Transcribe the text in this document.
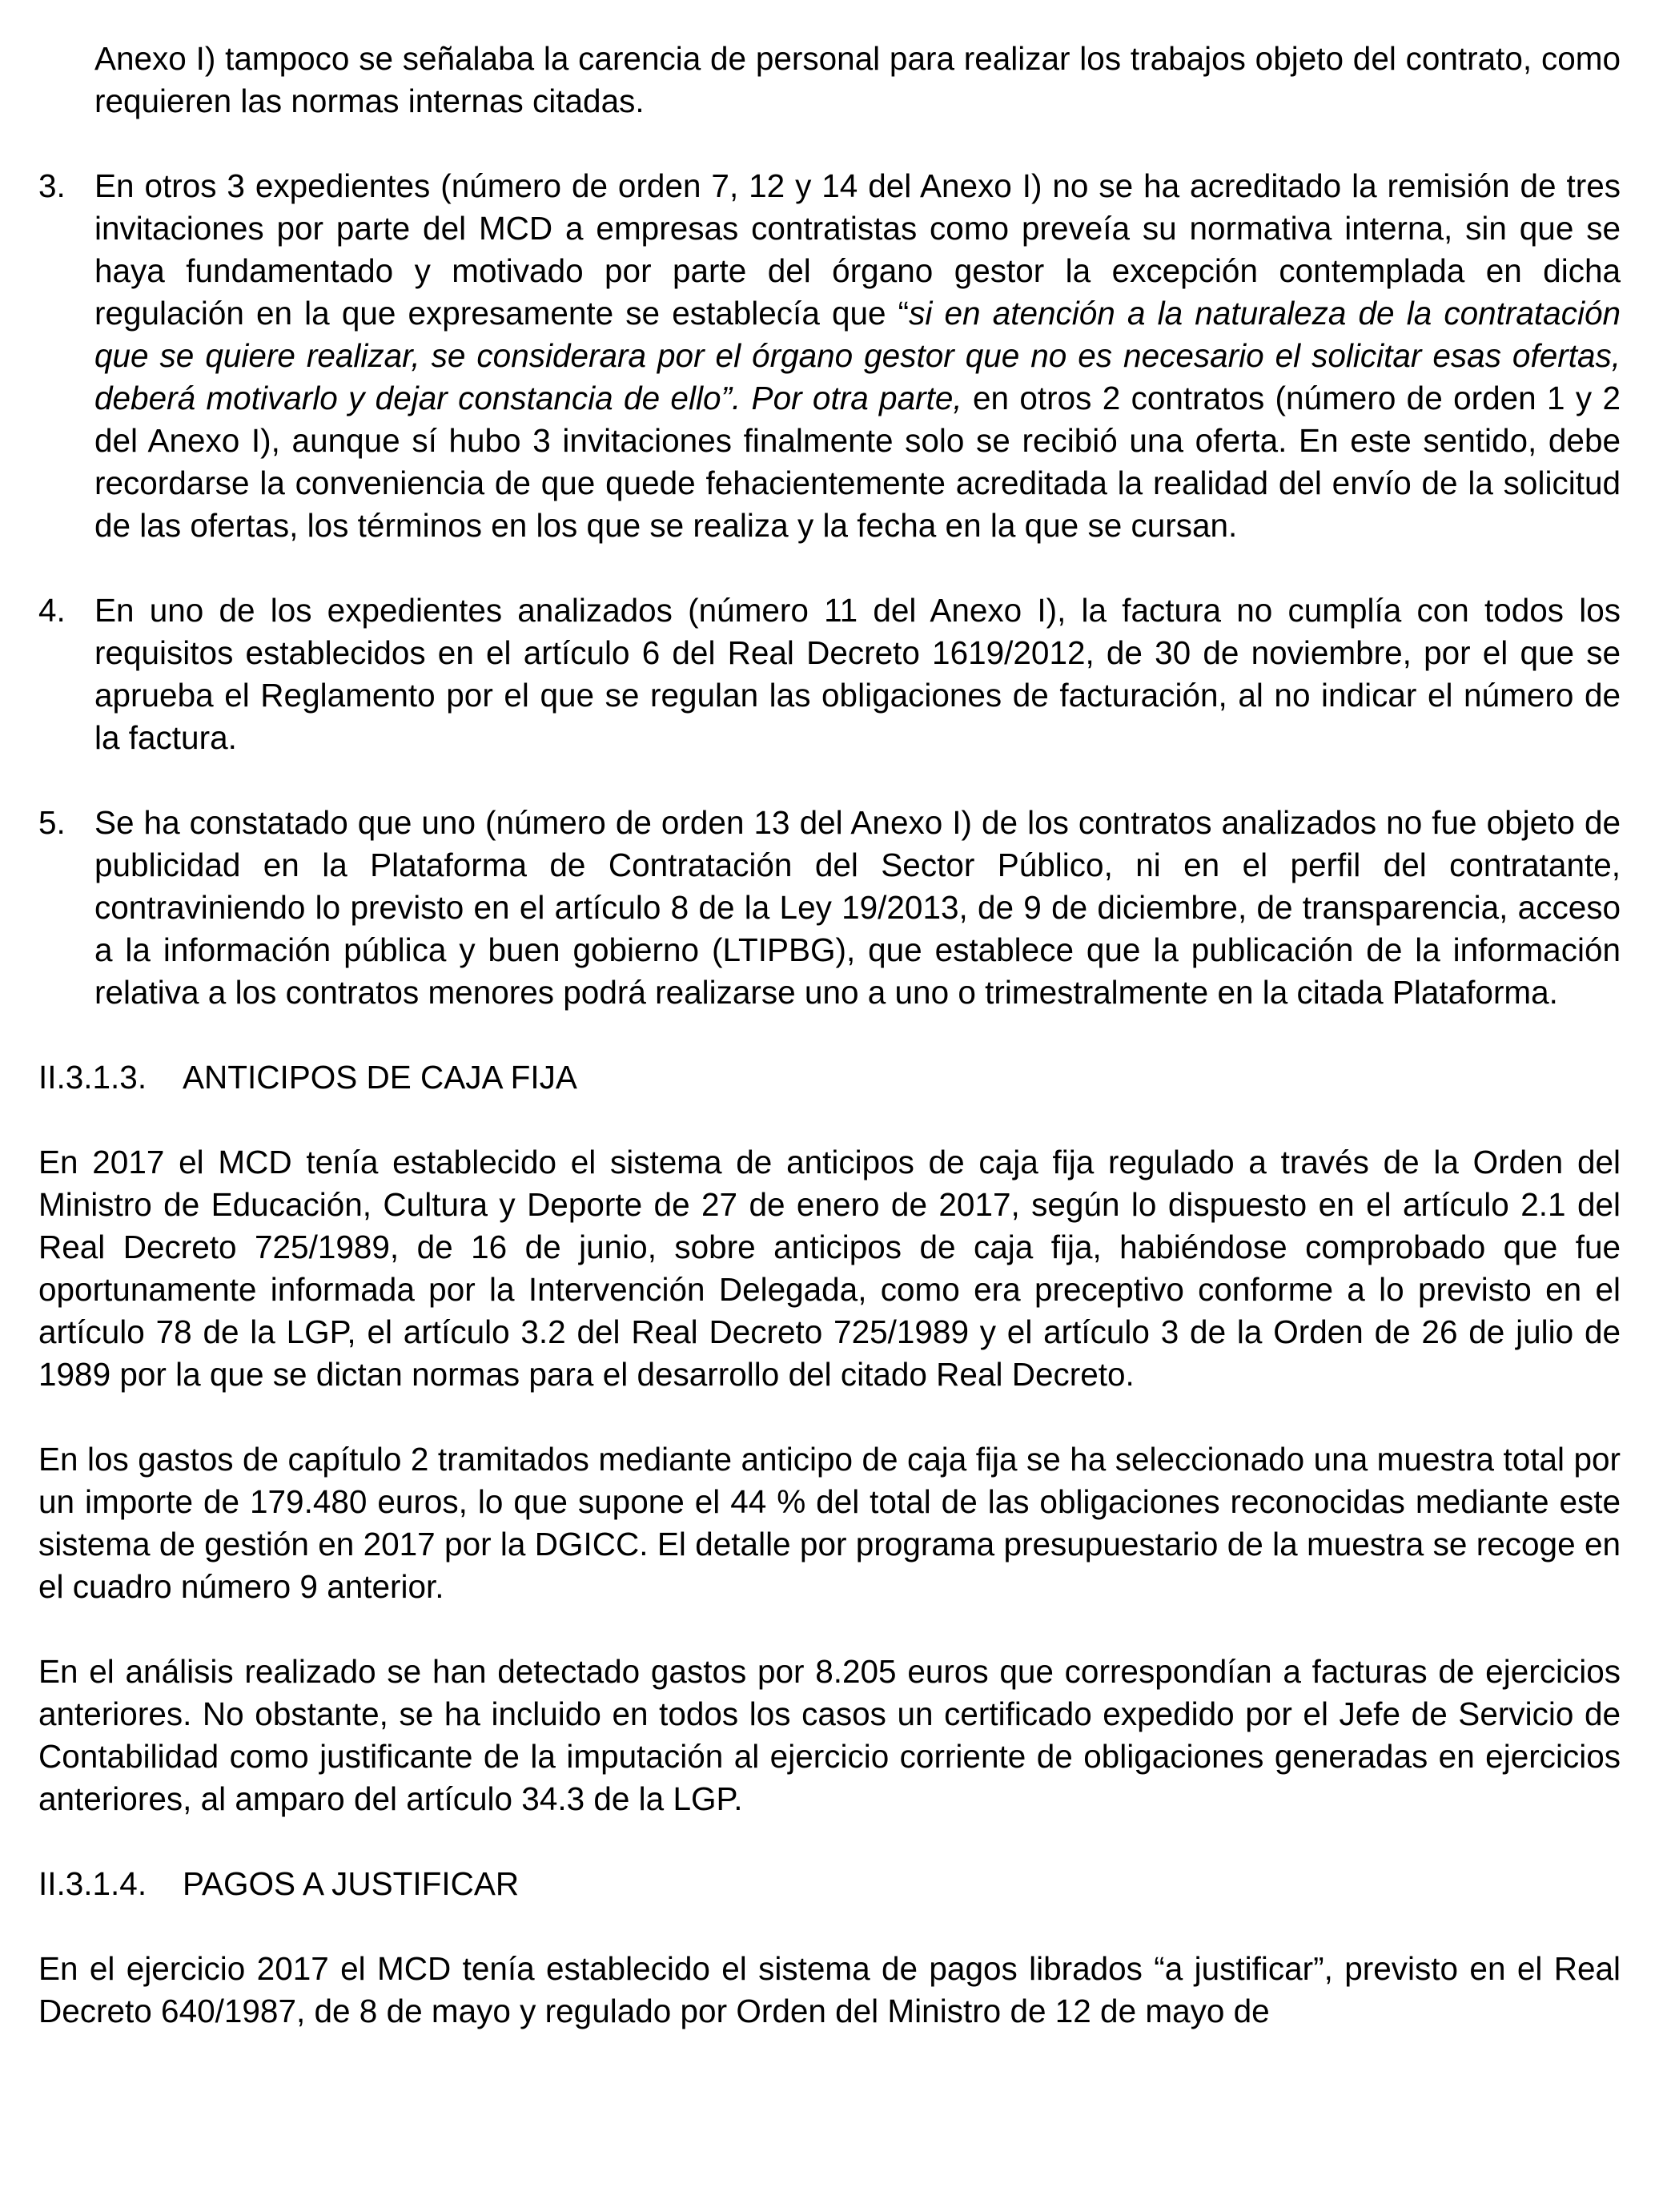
Anexo I) tampoco se señalaba la carencia de personal para realizar los trabajos objeto del contrato, como requieren las normas internas citadas.

3. En otros 3 expedientes (número de orden 7, 12 y 14 del Anexo I) no se ha acreditado la remisión de tres invitaciones por parte del MCD a empresas contratistas como preveía su normativa interna, sin que se haya fundamentado y motivado por parte del órgano gestor la excepción contemplada en dicha regulación en la que expresamente se establecía que “si en atención a la naturaleza de la contratación que se quiere realizar, se considerara por el órgano gestor que no es necesario el solicitar esas ofertas, deberá motivarlo y dejar constancia de ello”. Por otra parte, en otros 2 contratos (número de orden 1 y 2 del Anexo I), aunque sí hubo 3 invitaciones finalmente solo se recibió una oferta. En este sentido, debe recordarse la conveniencia de que quede fehacientemente acreditada la realidad del envío de la solicitud de las ofertas, los términos en los que se realiza y la fecha en la que se cursan.
4. En uno de los expedientes analizados (número 11 del Anexo I), la factura no cumplía con todos los requisitos establecidos en el artículo 6 del Real Decreto 1619/2012, de 30 de noviembre, por el que se aprueba el Reglamento por el que se regulan las obligaciones de facturación, al no indicar el número de la factura.
5. Se ha constatado que uno (número de orden 13 del Anexo I) de los contratos analizados no fue objeto de publicidad en la Plataforma de Contratación del Sector Público, ni en el perfil del contratante, contraviniendo lo previsto en el artículo 8 de la Ley 19/2013, de 9 de diciembre, de transparencia, acceso a la información pública y buen gobierno (LTIPBG), que establece que la publicación de la información relativa a los contratos menores podrá realizarse uno a uno o trimestralmente en la citada Plataforma.
II.3.1.3. ANTICIPOS DE CAJA FIJA

En 2017 el MCD tenía establecido el sistema de anticipos de caja fija regulado a través de la Orden del Ministro de Educación, Cultura y Deporte de 27 de enero de 2017, según lo dispuesto en el artículo 2.1 del Real Decreto 725/1989, de 16 de junio, sobre anticipos de caja fija, habiéndose comprobado que fue oportunamente informada por la Intervención Delegada, como era preceptivo conforme a lo previsto en el artículo 78 de la LGP, el artículo 3.2 del Real Decreto 725/1989 y el artículo 3 de la Orden de 26 de julio de 1989 por la que se dictan normas para el desarrollo del citado Real Decreto.

En los gastos de capítulo 2 tramitados mediante anticipo de caja fija se ha seleccionado una muestra total por un importe de 179.480 euros, lo que supone el 44 % del total de las obligaciones reconocidas mediante este sistema de gestión en 2017 por la DGICC. El detalle por programa presupuestario de la muestra se recoge en el cuadro número 9 anterior.

En el análisis realizado se han detectado gastos por 8.205 euros que correspondían a facturas de ejercicios anteriores. No obstante, se ha incluido en todos los casos un certificado expedido por el Jefe de Servicio de Contabilidad como justificante de la imputación al ejercicio corriente de obligaciones generadas en ejercicios anteriores, al amparo del artículo 34.3 de la LGP.

II.3.1.4. PAGOS A JUSTIFICAR

En el ejercicio 2017 el MCD tenía establecido el sistema de pagos librados “a justificar”, previsto en el Real Decreto 640/1987, de 8 de mayo y regulado por Orden del Ministro de 12 de mayo de
